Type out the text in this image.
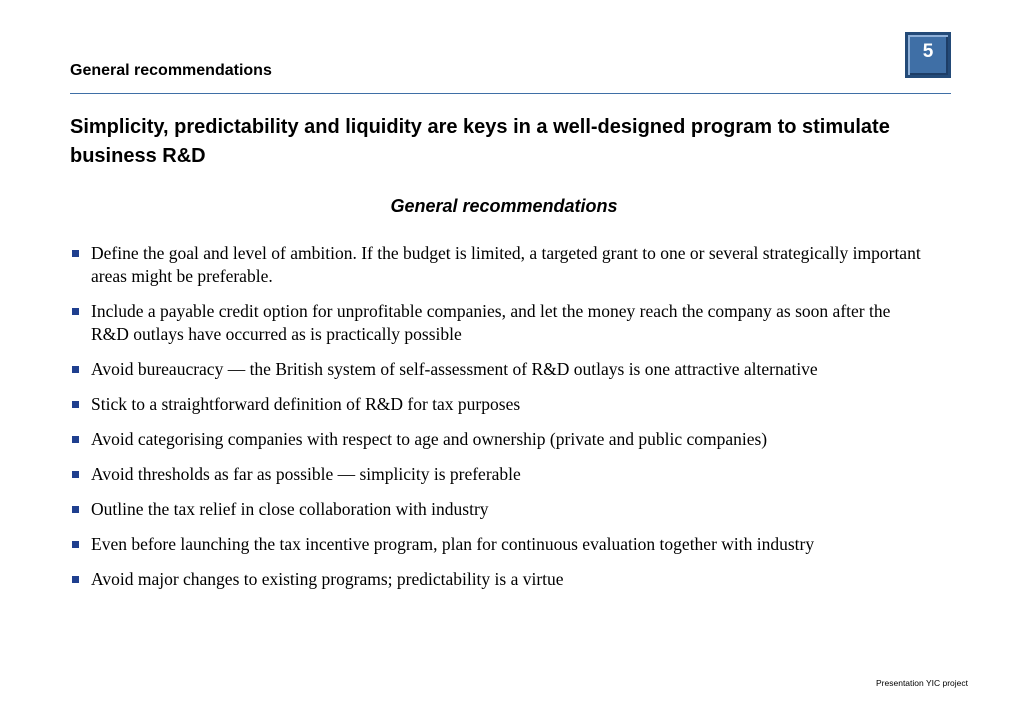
General recommendations
5
Simplicity, predictability and liquidity are keys in a well-designed program to stimulate business R&D
General recommendations
Define the goal and level of ambition. If the budget is limited, a targeted grant to one or several strategically important areas might be preferable.
Include a payable credit option for unprofitable companies, and let the money reach the company as soon after the R&D outlays have occurred as is practically possible
Avoid bureaucracy — the British system of self-assessment of R&D outlays is one attractive alternative
Stick to a straightforward definition of R&D for tax purposes
Avoid categorising companies with respect to age and ownership (private and public companies)
Avoid thresholds as far as possible — simplicity is preferable
Outline the tax relief in close collaboration with industry
Even before launching the tax incentive program, plan for continuous evaluation together with industry
Avoid major changes to existing programs; predictability is a virtue
Presentation YIC project
